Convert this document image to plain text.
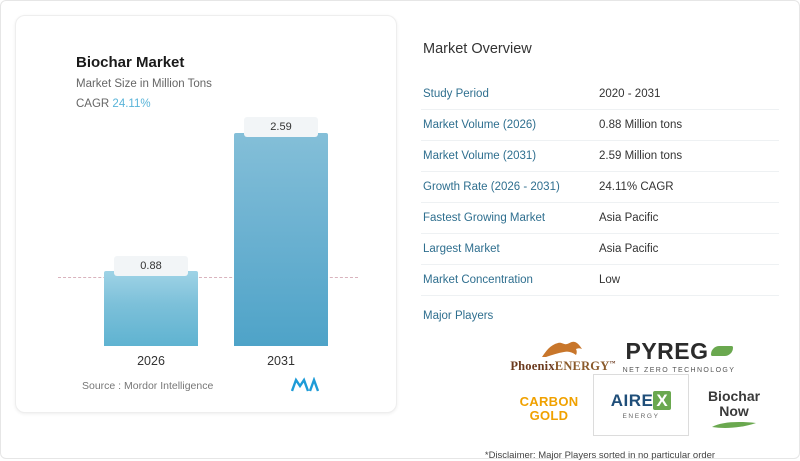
Biochar Market
Market Size in Million Tons
CAGR 24.11%
0.88
2.59
2026	2031
Source : Mordor Intelligence
Market Overview
Study Period	2020 - 2031
Market Volume (2026)	0.88 Million tons
Market Volume (2031)	2.59 Million tons
Growth Rate (2026 - 2031)	24.11% CAGR
Fastest Growing Market	Asia Pacific
Largest Market	Asia Pacific
Market Concentration	Low
Major Players
PhoenixENERGY™ PYREG
NET ZERO TECHNOLOGY
CARBON
GOLD
AIRE X
ENERGY
Biochar
Now
*Disclaimer: Major Players sorted in no particular order
